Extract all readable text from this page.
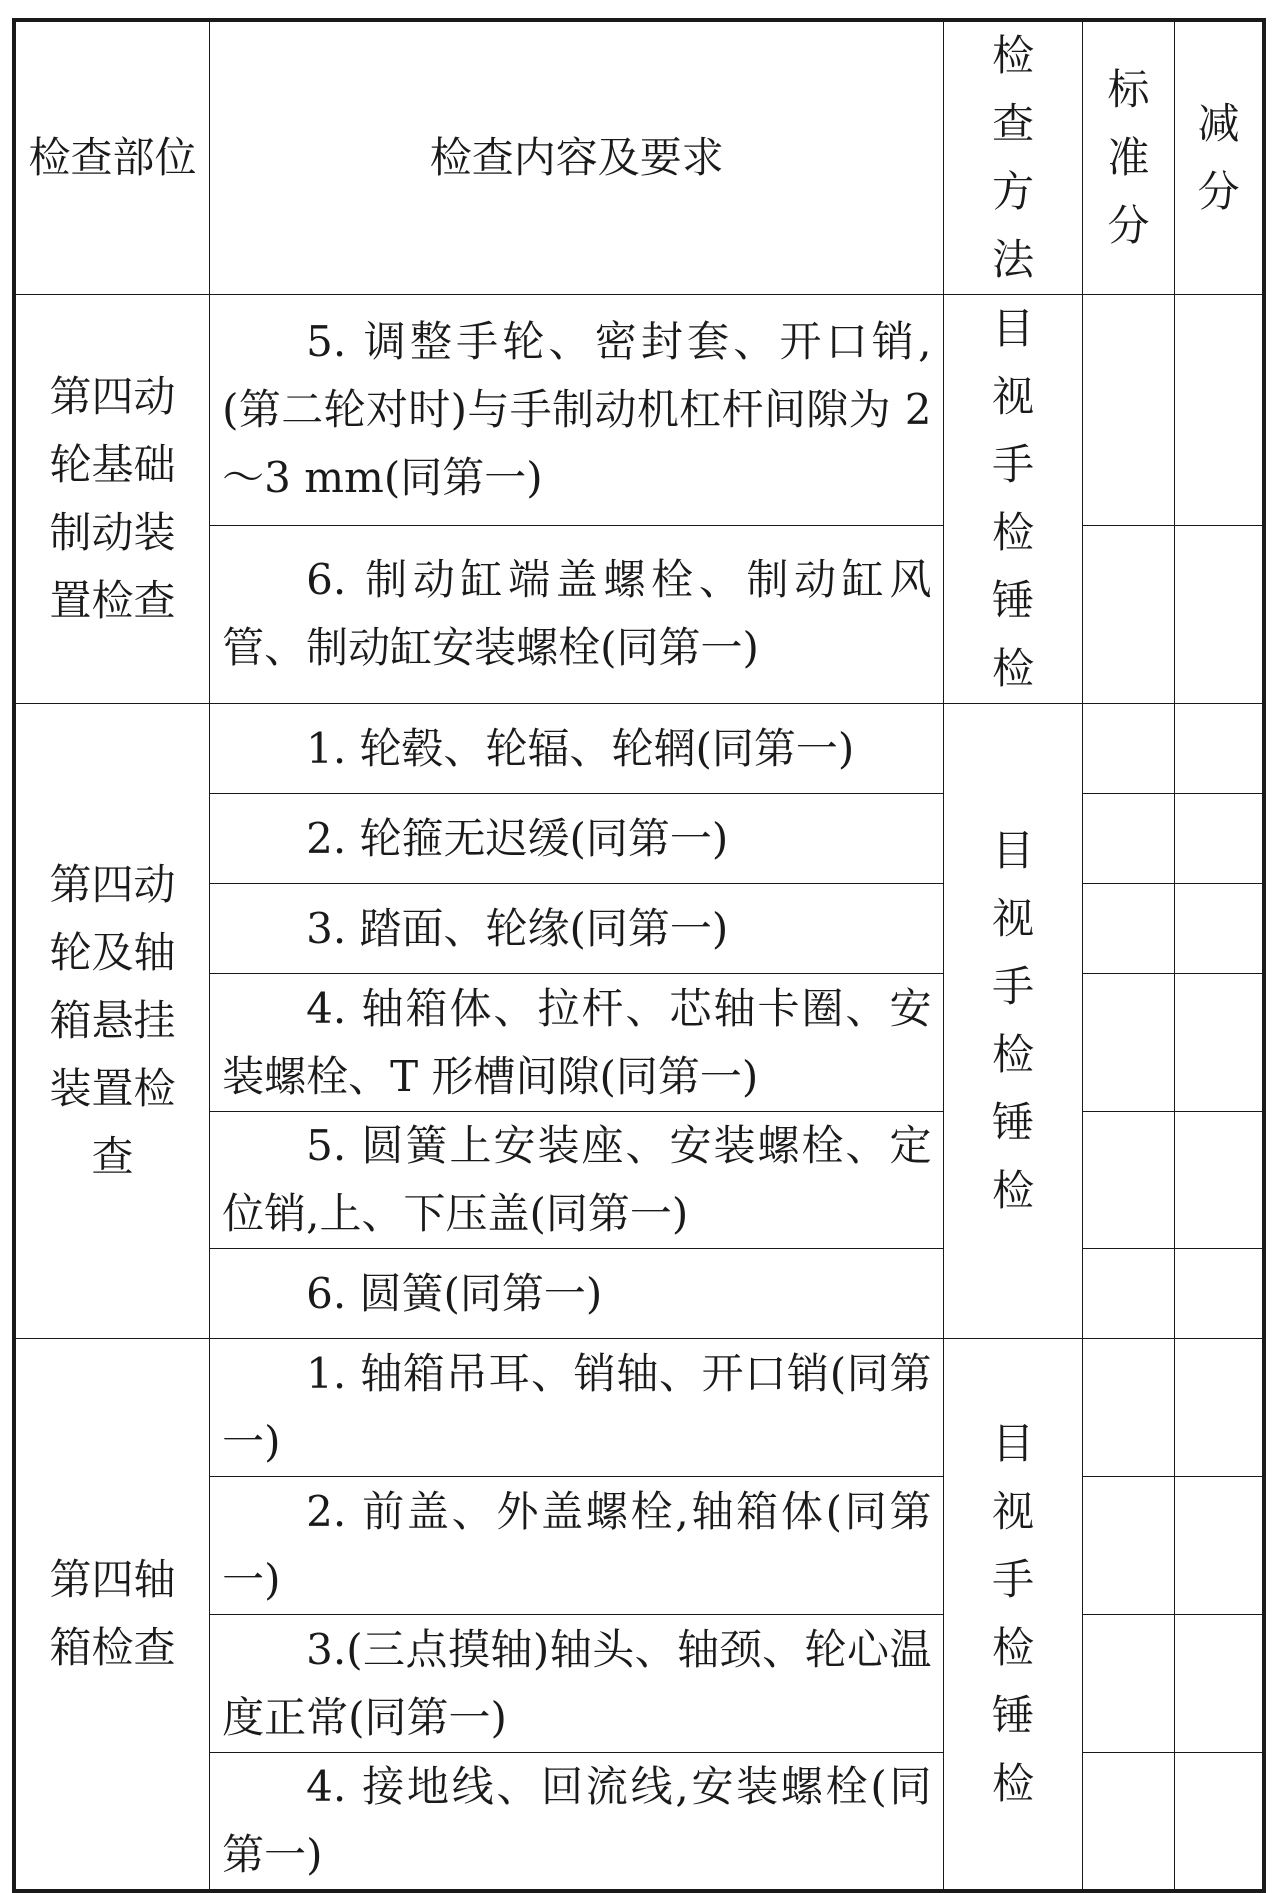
检查部位	检查内容及要求	检查方法	标准分	减分
第四动轮基础制动装置检查	5. 调整手轮、密封套、开口销,(第二轮对时)与手制动机杠杆间隙为 2～3 mm(同第一)	目视手检锤检		
	6. 制动缸端盖螺栓、制动缸风管、制动缸安装螺栓(同第一)			
第四动轮及轴箱悬挂装置检查	1. 轮毂、轮辐、轮辋(同第一)	目视手检锤检		
	2. 轮箍无迟缓(同第一)			
	3. 踏面、轮缘(同第一)			
	4. 轴箱体、拉杆、芯轴卡圈、安装螺栓、T 形槽间隙(同第一)			
	5. 圆簧上安装座、安装螺栓、定位销,上、下压盖(同第一)			
	6. 圆簧(同第一)			
第四轴箱检查	1. 轴箱吊耳、销轴、开口销(同第一)	目视手检锤检		
	2. 前盖、外盖螺栓,轴箱体(同第一)			
	3.(三点摸轴)轴头、轴颈、轮心温度正常(同第一)			
	4. 接地线、回流线,安装螺栓(同第一)			
